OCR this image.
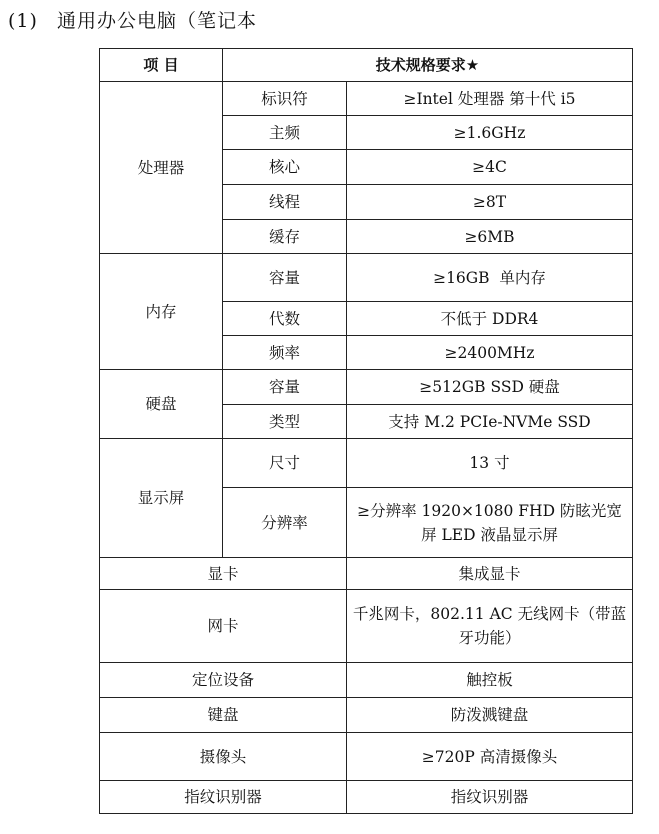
(1) 通用办公电脑（笔记本
项 目	技术规格要求★	
处理器	标识符	≥Intel 处理器 第十代 i5
	主频	≥1.6GHz
	核心	≥4C
	线程	≥8T
	缓存	≥6MB
内存	容量	≥16GB  单内存
	代数	不低于 DDR4
	频率	≥2400MHz
硬盘	容量	≥512GB SSD 硬盘
	类型	支持 M.2 PCIe-NVMe SSD
显示屏	尺寸	13 寸
	分辨率	≥分辨率 1920×1080 FHD 防眩光宽屏 LED 液晶显示屏
显卡		集成显卡
网卡		千兆网卡，802.11 AC 无线网卡（带蓝牙功能）
定位设备		触控板
键盘		防泼溅键盘
摄像头		≥720P 高清摄像头
指纹识别器		指纹识别器
